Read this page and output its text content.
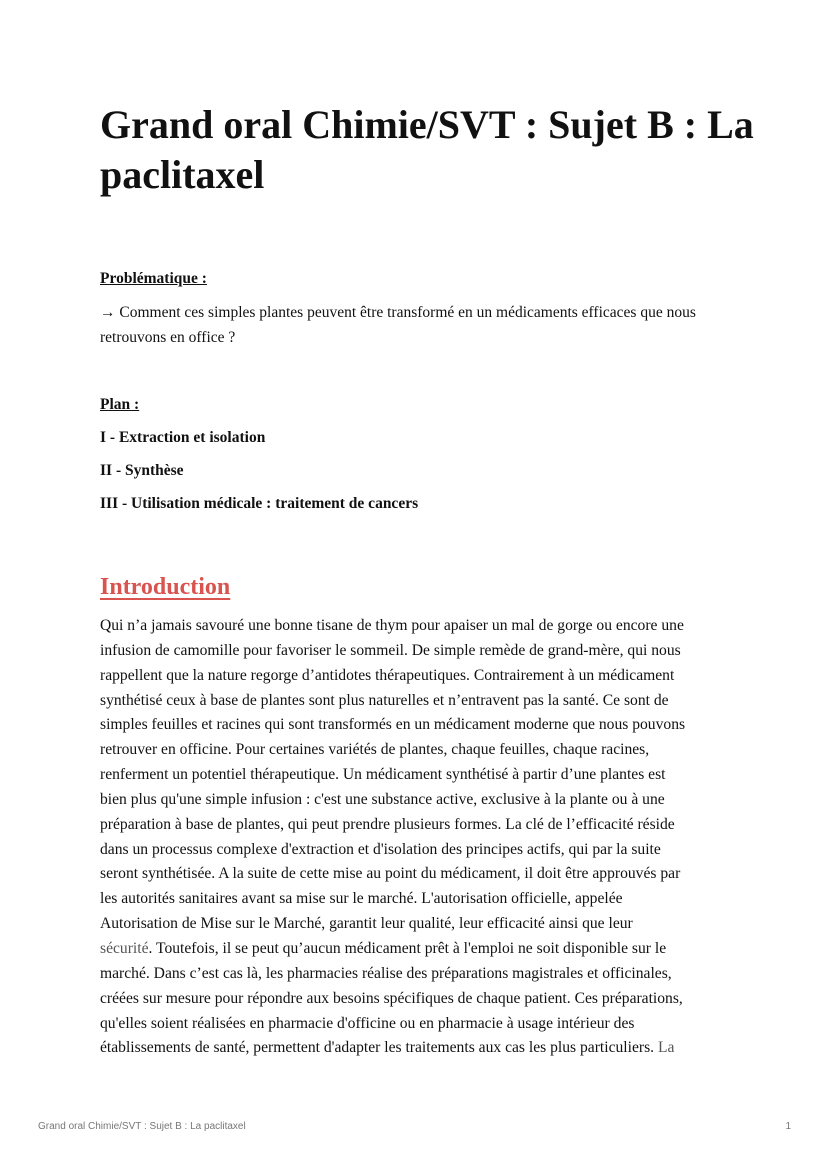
Grand oral Chimie/SVT : Sujet B : La paclitaxel
Problématique :
→ Comment ces simples plantes peuvent être transformé en un médicaments efficaces que nous retrouvons en office ?
Plan :
I - Extraction et isolation
II - Synthèse
III - Utilisation médicale : traitement de cancers
Introduction
Qui n’a jamais savouré une bonne tisane de thym pour apaiser un mal de gorge ou encore une
infusion de camomille pour favoriser le sommeil. De simple remède de grand-mère, qui nous
rappellent que la nature regorge d’antidotes thérapeutiques. Contrairement à un médicament
synthétisé ceux à base de plantes sont plus naturelles et n’entravent pas la santé. Ce sont de
simples feuilles et racines qui sont transformés en un médicament moderne que nous pouvons
retrouver en officine. Pour certaines variétés de plantes, chaque feuilles, chaque racines,
renferment un potentiel thérapeutique. Un médicament synthétisé à partir d’une plantes est
bien plus qu'une simple infusion : c'est une substance active, exclusive à la plante ou à une
préparation à base de plantes, qui peut prendre plusieurs formes. La clé de l’efficacité réside
dans un processus complexe d'extraction et d'isolation des principes actifs, qui par la suite
seront synthétisée. A la suite de cette mise au point du médicament, il doit être approuvés par
les autorités sanitaires avant sa mise sur le marché. L'autorisation officielle, appelée
Autorisation de Mise sur le Marché, garantit leur qualité, leur efficacité ainsi que leur
sécurité. Toutefois, il se peut qu’aucun médicament prêt à l'emploi ne soit disponible sur le
marché. Dans c’est cas là, les pharmacies réalise des préparations magistrales et officinales,
créées sur mesure pour répondre aux besoins spécifiques de chaque patient. Ces préparations,
qu'elles soient réalisées en pharmacie d'officine ou en pharmacie à usage intérieur des
établissements de santé, permettent d'adapter les traitements aux cas les plus particuliers. La
Grand oral Chimie/SVT : Sujet B : La paclitaxel	1
